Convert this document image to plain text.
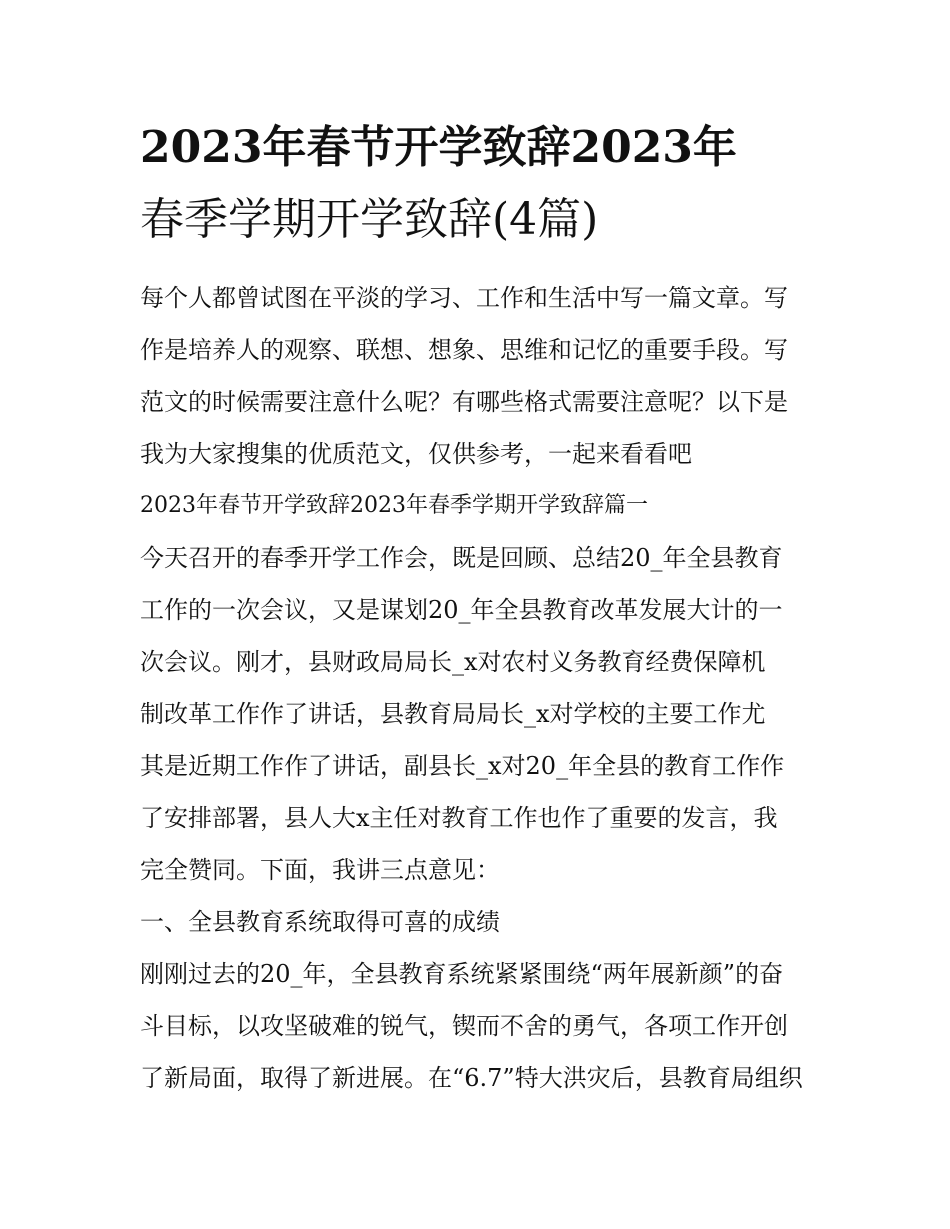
2023年春节开学致辞2023年
春季学期开学致辞(4篇)

每个人都曾试图在平淡的学习、工作和生活中写一篇文章。写

作是培养人的观察、联想、想象、思维和记忆的重要手段。写

范文的时候需要注意什么呢？有哪些格式需要注意呢？以下是

我为大家搜集的优质范文，仅供参考，一起来看看吧

2023年春节开学致辞2023年春季学期开学致辞篇一

今天召开的春季开学工作会，既是回顾、总结20_年全县教育

工作的一次会议，又是谋划20_年全县教育改革发展大计的一

次会议。刚才，县财政局局长_x对农村义务教育经费保障机

制改革工作作了讲话，县教育局局长_x对学校的主要工作尤

其是近期工作作了讲话，副县长_x对20_年全县的教育工作作

了安排部署，县人大x主任对教育工作也作了重要的发言，我

完全赞同。下面，我讲三点意见：

一、全县教育系统取得可喜的成绩

刚刚过去的20_年，全县教育系统紧紧围绕“两年展新颜”的奋

斗目标，以攻坚破难的锐气，锲而不舍的勇气，各项工作开创

了新局面，取得了新进展。在“6.7”特大洪灾后，县教育局组织
